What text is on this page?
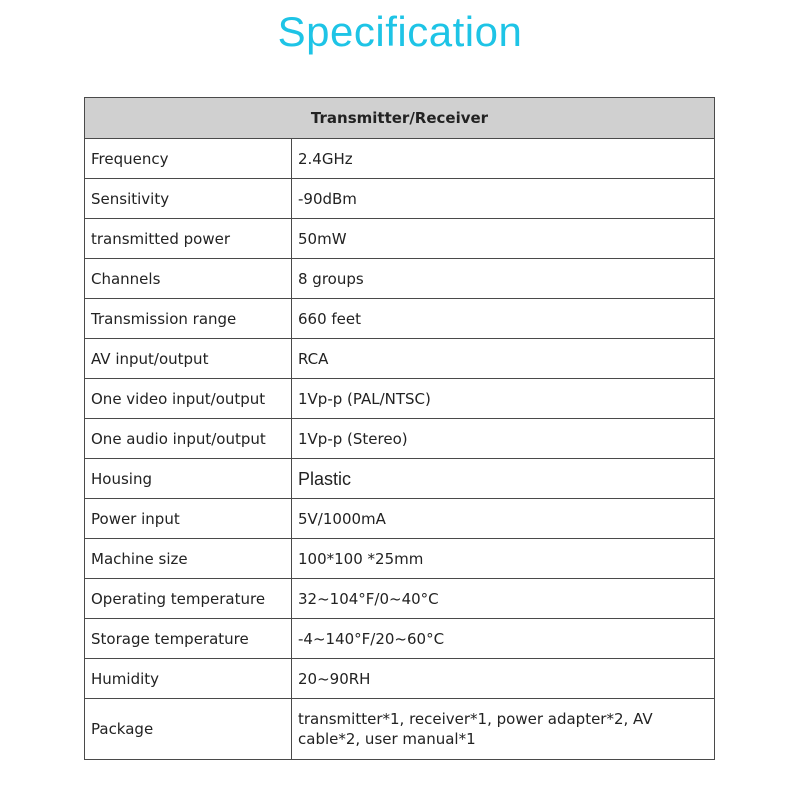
Specification
Transmitter/Receiver	
Frequency	2.4GHz
Sensitivity	-90dBm
transmitted power	50mW
Channels	8 groups
Transmission range	660 feet
AV input/output	RCA
One video input/output	1Vp-p (PAL/NTSC)
One audio input/output	1Vp-p (Stereo)
Housing	Plastic
Power input	5V/1000mA
Machine size	100*100 *25mm
Operating temperature	32~104°F/0~40°C
Storage temperature	-4~140°F/20~60°C
Humidity	20~90RH
Package	transmitter*1, receiver*1, power adapter*2, AV cable*2, user manual*1
